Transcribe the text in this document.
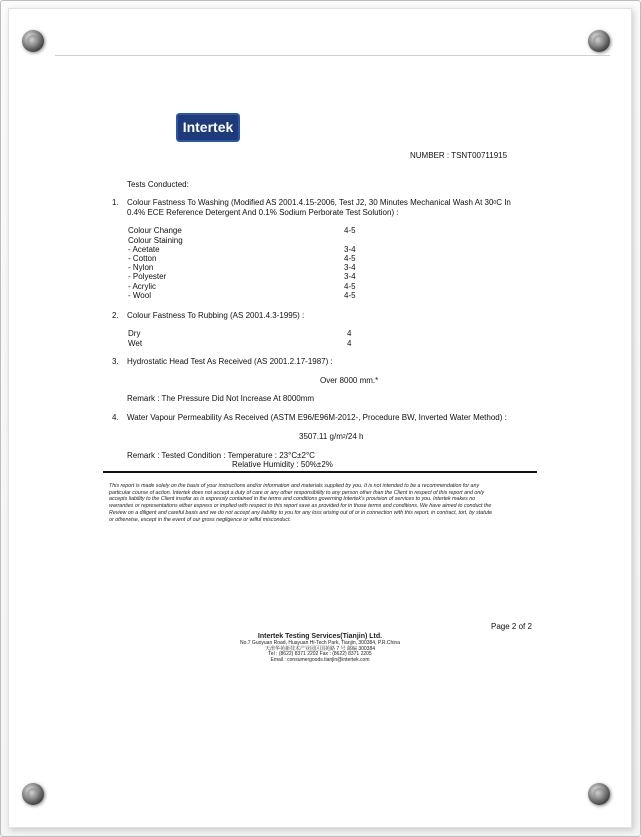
Intertek
NUMBER : TSNT00711915
Tests Conducted:
1. Colour Fastness To Washing (Modified AS 2001.4.15-2006, Test J2, 30 Minutes Mechanical Wash At $30^0C$ In
0.4% ECE Reference Detergent And 0.1% Sodium Perborate Test Solution) :
Colour Change	4-5
Colour Staining
- Acetate	3-4
- Cotton	4-5
- Nylon	3-4
- Polyester	3-4
- Acrylic	4-5
- Wool	4-5
2. Colour Fastness To Rubbing (AS 2001.4.3-1995) :
Dry	4
Wet	4
3. Hydrostatic Head Test As Received (AS 2001.2.17-1987) :
Over 8000 mm.*
Remark : The Pressure Did Not Increase At 8000mm
4. Water Vapour Permeability As Received (ASTM E96/E96M-2012-, Procedure BW, Inverted Water Method) :
3507.11 $g/m^2/24$ h
Remark : Tested Condition : Temperature : 23°C±2°C
Relative Humidity : 50%±2%
This report is made solely on the basis of your instructions and/or information and materials supplied by you. It is not intended to be a recommendation for any
particular course of action. Intertek does not accept a duty of care or any other responsibility to any person other than the Client in respect of this report and only
accepts liability to the Client insofar as is expressly contained in the terms and conditions governing Intertek's provision of services to you. Intertek makes no
warranties or representations either express or implied with respect to this report save as provided for in those terms and conditions. We have aimed to conduct the
Review on a diligent and careful basis and we do not accept any liability to you for any loss arising out of or in connection with this report, in contract, tort, by statute
or otherwise, except in the event of our gross negligence or wilful misconduct.
Page 2 of 2
Intertek Testing Services(Tianjin) Ltd.
No.7 Guoyuan Road, Huayuan Hi-Tech Park, Tianjin, 300384, P.R.China
天津华苑新技术产业园区国苑路 7 号 邮编 300384
Tel : (8622) 8371 2202 Fax : (8622) 8371 2205
Email : consumergoods.tianjin@intertek.com
